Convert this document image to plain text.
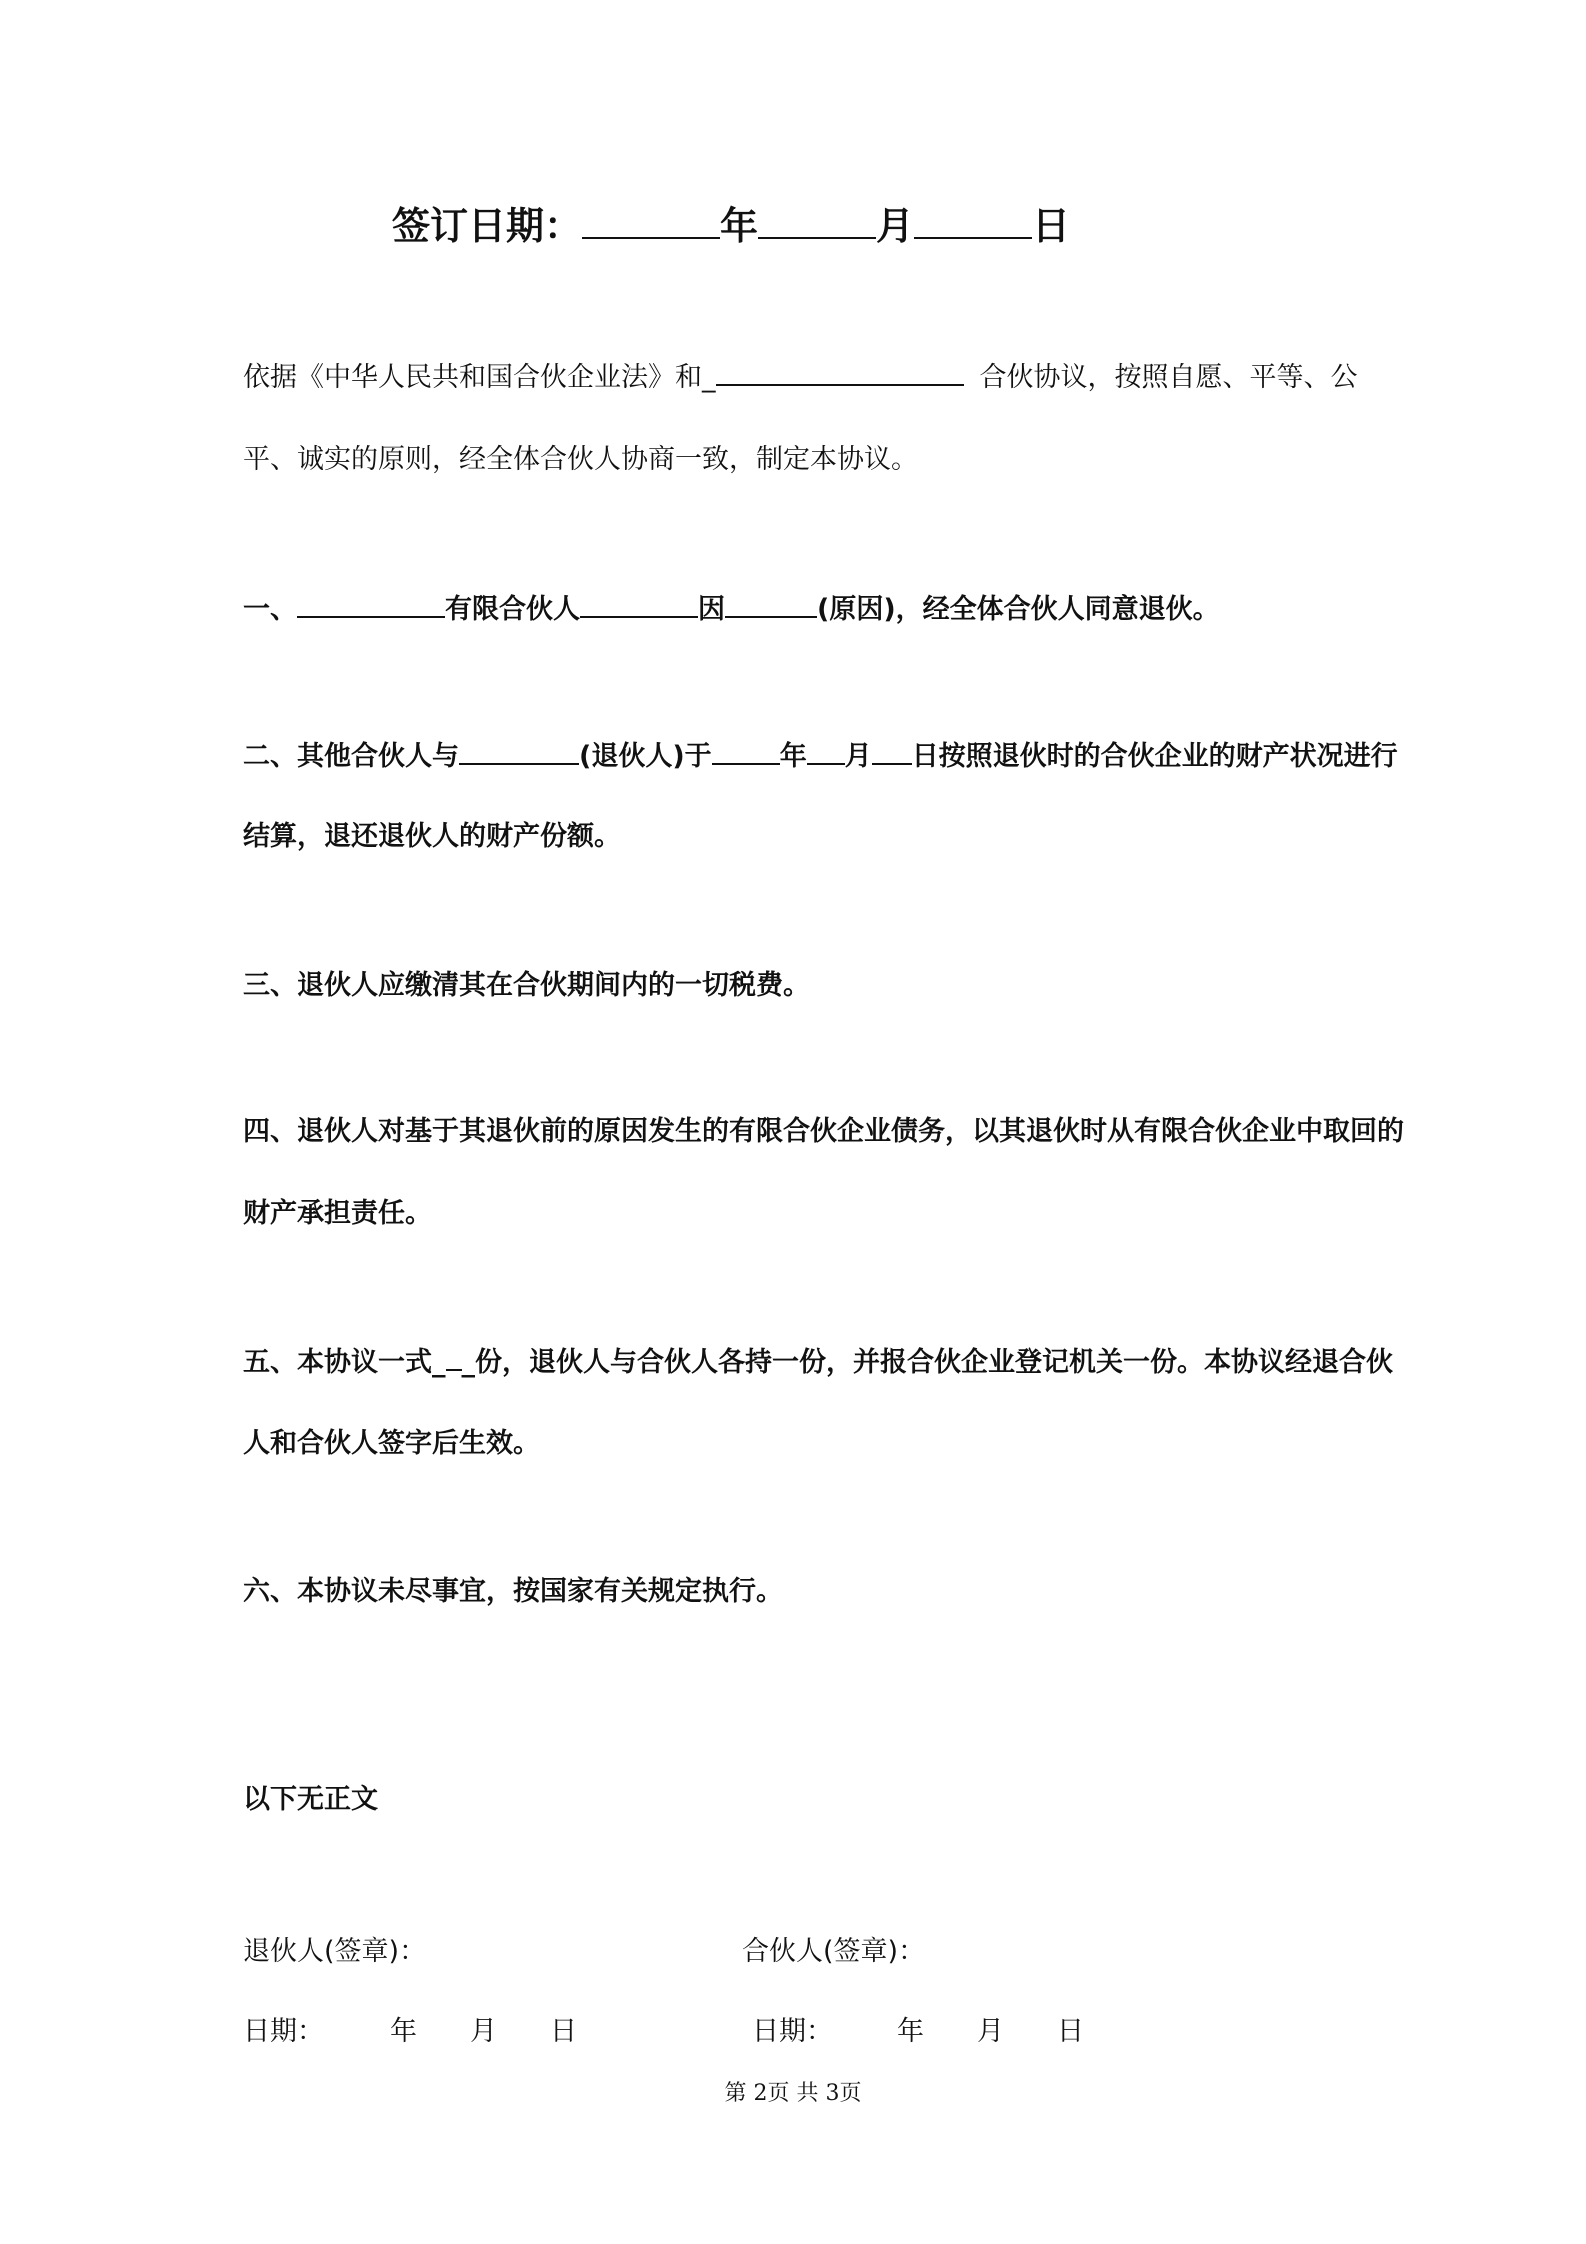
签订日期：	年	月	日
依据《中华人民共和国合伙企业法》和_	合伙协议，按照自愿、平等、公
平、诚实的原则，经全体合伙人协商一致，制定本协议。
一、	有限合伙人	因	(原因)，经全体合伙人同意退伙。
二、其他合伙人与	(退伙人)于	年 月 日按照退伙时的合伙企业的财产状况进行
结算，退还退伙人的财产份额。
三、退伙人应缴清其在合伙期间内的一切税费。
四、退伙人对基于其退伙前的原因发生的有限合伙企业债务，以其退伙时从有限合伙企业中取回的
财产承担责任。
五、本协议一式_ _份，退伙人与合伙人各持一份，并报合伙企业登记机关一份。本协议经退合伙
人和合伙人签字后生效。
六、本协议未尽事宜，按国家有关规定执行。
以下无正文
退伙人(签章)：	合伙人(签章)：
日期： 年 月 日	日期： 年 月 日
第 2页 共 3页
